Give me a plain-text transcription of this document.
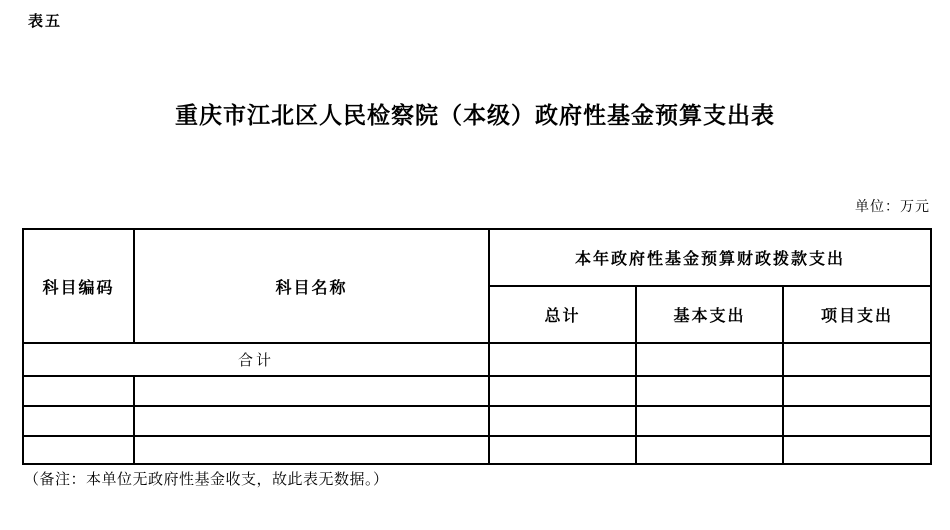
表五
重庆市江北区人民检察院（本级）政府性基金预算支出表
单位：万元
科目编码	科目名称	本年政府性基金预算财政拨款支出		
		总计	基本支出	项目支出
合计				

（备注：本单位无政府性基金收支，故此表无数据。）
